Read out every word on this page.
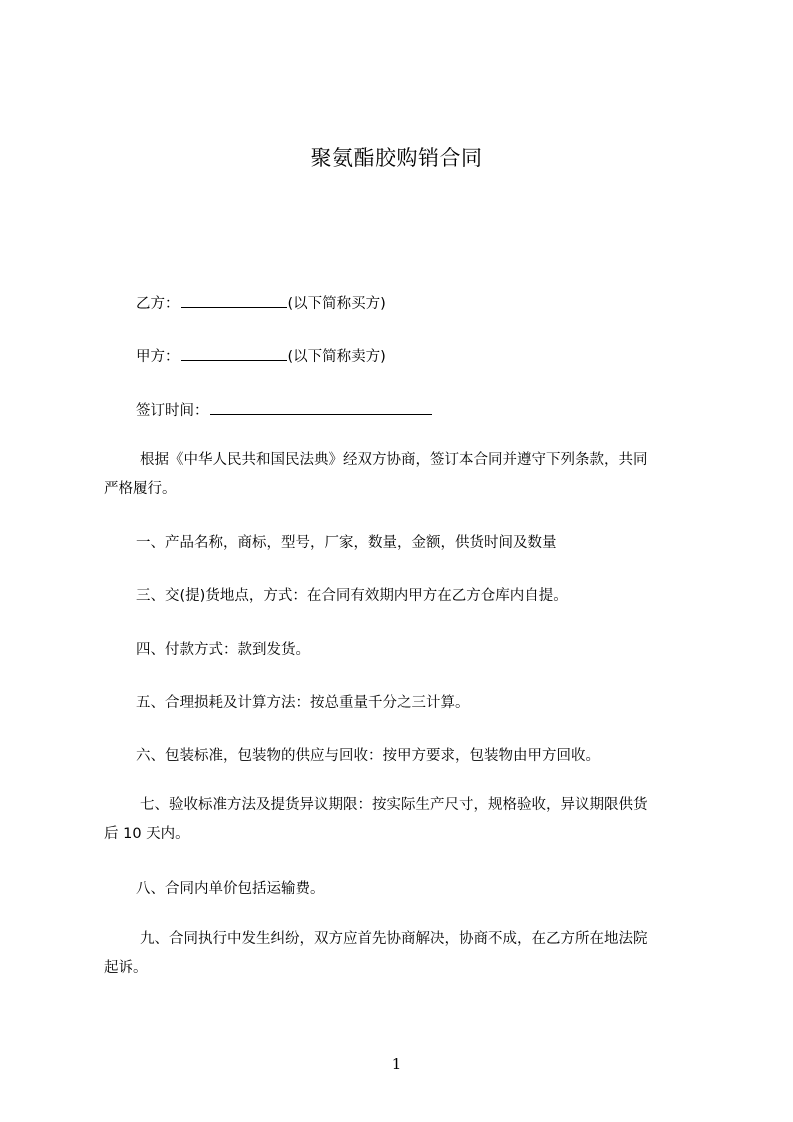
聚氨酯胶购销合同
乙方：	(以下简称买方)
甲方：	(以下简称卖方)
签订时间：
根据《中华人民共和国民法典》经双方协商，签订本合同并遵守下列条款，共同
严格履行。
一、产品名称，商标，型号，厂家，数量，金额，供货时间及数量
三、交(提)货地点，方式：在合同有效期内甲方在乙方仓库内自提。
四、付款方式：款到发货。
五、合理损耗及计算方法：按总重量千分之三计算。
六、包装标准，包装物的供应与回收：按甲方要求，包装物由甲方回收。
七、验收标准方法及提货异议期限：按实际生产尺寸，规格验收，异议期限供货
后 10 天内。
八、合同内单价包括运输费。
九、合同执行中发生纠纷，双方应首先协商解决，协商不成，在乙方所在地法院
起诉。
1
